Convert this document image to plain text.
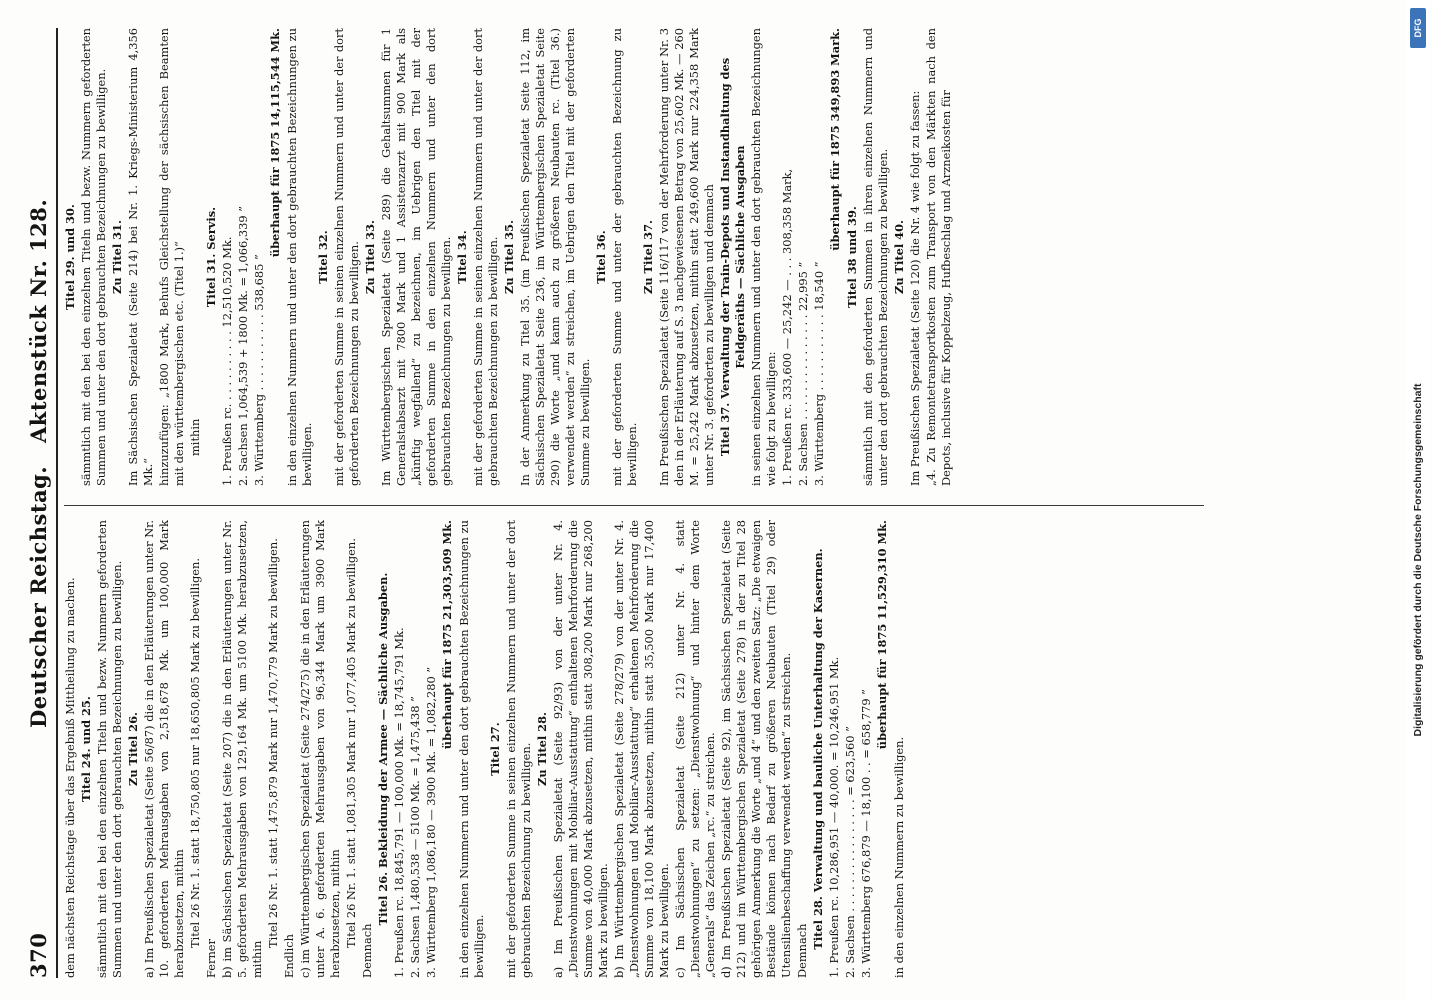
370
Deutscher Reichstag.
Aktenstück Nr. 128.
dem nächsten Reichstage über das Ergebniß Mittheilung zu machen. Titel 24. und 25. sämmtlich mit den bei den einzelnen Titeln und bezw. Nummern geforderten Summen und unter den dort gebrauchten Bezeichnungen zu bewilligen. Zu Titel 26. a) Im Preußischen Spezialetat (Seite 56/87) die in den Erläuterungen unter Nr. 10. geforderten Mehrausgaben von 2,518,678 Mk. um 100,000 Mark herabzusetzen, mithin Titel 26 Nr. 1. statt 18,750,805 nur 18,650,805 Mark zu bewilligen.
Ferner b) im Sächsischen Spezialetat (Seite 207) die in den Erläuterungen unter Nr. 5. geforderten Mehrausgaben von 129,164 Mk. um 5100 Mk. herabzusetzen, mithin
Titel 26 Nr. 1. statt 1,475,879 Mark nur 1,470,779 Mark zu bewilligen.
Endlich c) im Württembergischen Spezialetat (Seite 274/275) die in den Erläuterungen unter A. 6. geforderten Mehrausgaben von 96,344 Mark um 3900 Mark herabzusetzen, mithin Titel 26 Nr. 1. statt 1,081,305 Mark nur 1,077,405 Mark zu bewilligen.
Demnach
Titel 26. Bekleidung der Armee — Sächliche Ausgaben. 1. Preußen rc. 18,845,791 — 100,000 Mk. = 18,745,791 Mk. 2. Sachsen 1,480,538 — 5100 Mk. = 1,475,438 ” 3. Württemberg 1,086,180 — 3900 Mk. = 1,082,280 ”
überhaupt für 1875 21,303,509 Mk. in den einzelnen Nummern und unter den dort gebrauchten Bezeichnungen zu bewilligen.
Titel 27. mit der geforderten Summe in seinen einzelnen Nummern und unter der dort gebrauchten Bezeichnung zu bewilligen. Zu Titel 28. a) Im Preußischen Spezialetat (Seite 92/93) von der unter Nr. 4. „Dienstwohnungen mit Mobiliar-Ausstattung“ enthaltenen Mehrforderung die Summe von 40,000 Mark abzusetzen, mithin statt 308,200 Mark nur 268,200 Mark zu bewilligen. b) Im Württembergischen Spezialetat (Seite 278/279) von der unter Nr. 4. „Dienstwohnungen und Mobiliar-Ausstattung“ erhaltenen Mehrforderung die Summe von 18,100 Mark abzusetzen, mithin statt 35,500 Mark nur 17,400 Mark zu bewilligen. c) Im Sächsischen Spezialetat (Seite 212) unter Nr. 4. statt „Dienstwohnungen“ zu setzen: „Dienstwohnung“ und hinter dem Worte „Generals“ das Zeichen „rc.“ zu streichen. d) Im Preußischen Spezialetat (Seite 92), im Sächsischen Spezialetat (Seite 212) und im Württembergischen Spezialetat (Seite 278) in der zu Titel 28 gehörigen Anmerkung die Worte „und 4“ und den zweiten Satz: „Die etwaigen Bestände können nach Bedarf zu größeren Neubauten (Titel 29) oder Utensilienbeschaffung verwendet werden“ zu streichen. Demnach
Titel 28. Verwaltung und bauliche Unterhaltung der Kasernen. 1. Preußen rc. 10,286,951 — 40,000. = 10,246,951 Mk. 2. Sachsen . . . . . . . . . . . . . . . . = 623,560 ” 3. Württemberg 676,879 — 18,100 . . = 658,779 ”
überhaupt für 1875 11,529,310 Mk.
in den einzelnen Nummern zu bewilligen.
Titel 29. und 30. sämmtlich mit den bei den einzelnen Titeln und bezw. Nummern geforderten Summen und unter den dort gebrauchten Bezeichnungen zu bewilligen. Zu Titel 31. Im Sächsischen Spezialetat (Seite 214) bei Nr. 1. Kriegs-Ministerium 4,356 Mk.“ hinzuzufügen: „1800 Mark, Behufs Gleichstellung der sächsischen Beamten mit den württembergischen etc. (Titel 1.)“ mithin
Titel 31. Servis. 1. Preußen rc. . . . . . . . . . . 12,510,520 Mk. 2. Sachsen 1,064,539 + 1800 Mk. = 1,066,339 ” 3. Württemberg . . . . . . . . . . . 538,685 ”
überhaupt für 1875 14,115,544 Mk. in den einzelnen Nummern und unter den dort gebrauchten Bezeichnungen zu bewilligen.
Titel 32. mit der geforderten Summe in seinen einzelnen Nummern und unter der dort geforderten Bezeichnungen zu bewilligen. Zu Titel 33. Im Württembergischen Spezialetat (Seite 289) die Gehaltsummen für 1 Generalstabsarzt mit 7800 Mark und 1 Assistenzarzt mit 900 Mark als „künftig wegfallend“ zu bezeichnen, im Uebrigen den Titel mit der geforderten Summe in den einzelnen Nummern und unter den dort gebrauchten Bezeichnungen zu bewilligen. Titel 34. mit der geforderten Summe in seinen einzelnen Nummern und unter der dort gebrauchten Bezeichnungen zu bewilligen. Zu Titel 35. In der Anmerkung zu Titel 35. (im Preußischen Spezialetat Seite 112, im Sächsischen Spezialetat Seite 236, im Württembergischen Spezialetat Seite 290) die Worte „und kann auch zu größeren Neubauten rc. (Titel 36.) verwendet werden“ zu streichen, im Uebrigen den Titel mit der geforderten Summe zu bewilligen.
Titel 36. mit der geforderten Summe und unter der gebrauchten Bezeichnung zu bewilligen.
Zu Titel 37. Im Preußischen Spezialetat (Seite 116/117 von der Mehrforderung unter Nr. 3 den in der Erläuterung auf S. 3 nachgewiesenen Betrag von 25,602 Mk. — 260 M. = 25,242 Mark abzusetzen, mithin statt 249,600 Mark nur 224,358 Mark unter Nr. 3. geforderten zu bewilligen und demnach Titel 37. Verwaltung der Train-Depots und Instandhaltung des Feldgeräths — Sächliche Ausgaben in seinen einzelnen Nummern und unter den dort gebrauchten Bezeichnungen wie folgt zu bewilligen: 1. Preußen rc. 333,600 — 25,242 — . . . 308,358 Mark, 2. Sachsen . . . . . . . . . . . . . . . 22,995 ” 3. Württemberg . . . . . . . . . . . 18,540 ”
überhaupt für 1875 349,893 Mark.
Titel 38 und 39. sämmtlich mit den geforderten Summen in ihren einzelnen Nummern und unter den dort gebrauchten Bezeichnungen zu bewilligen. Zu Titel 40. Im Preußischen Spezialetat (Seite 120) die Nr. 4 wie folgt zu fassen: „4. Zu Remontetransportkosten zum Transport von den Märkten nach den Depots, inclusive für Koppelzeug, Hufbeschlag und Arzneikosten für
Digitalisierung gefördert durch die Deutsche Forschungsgemeinschaft
DFG
